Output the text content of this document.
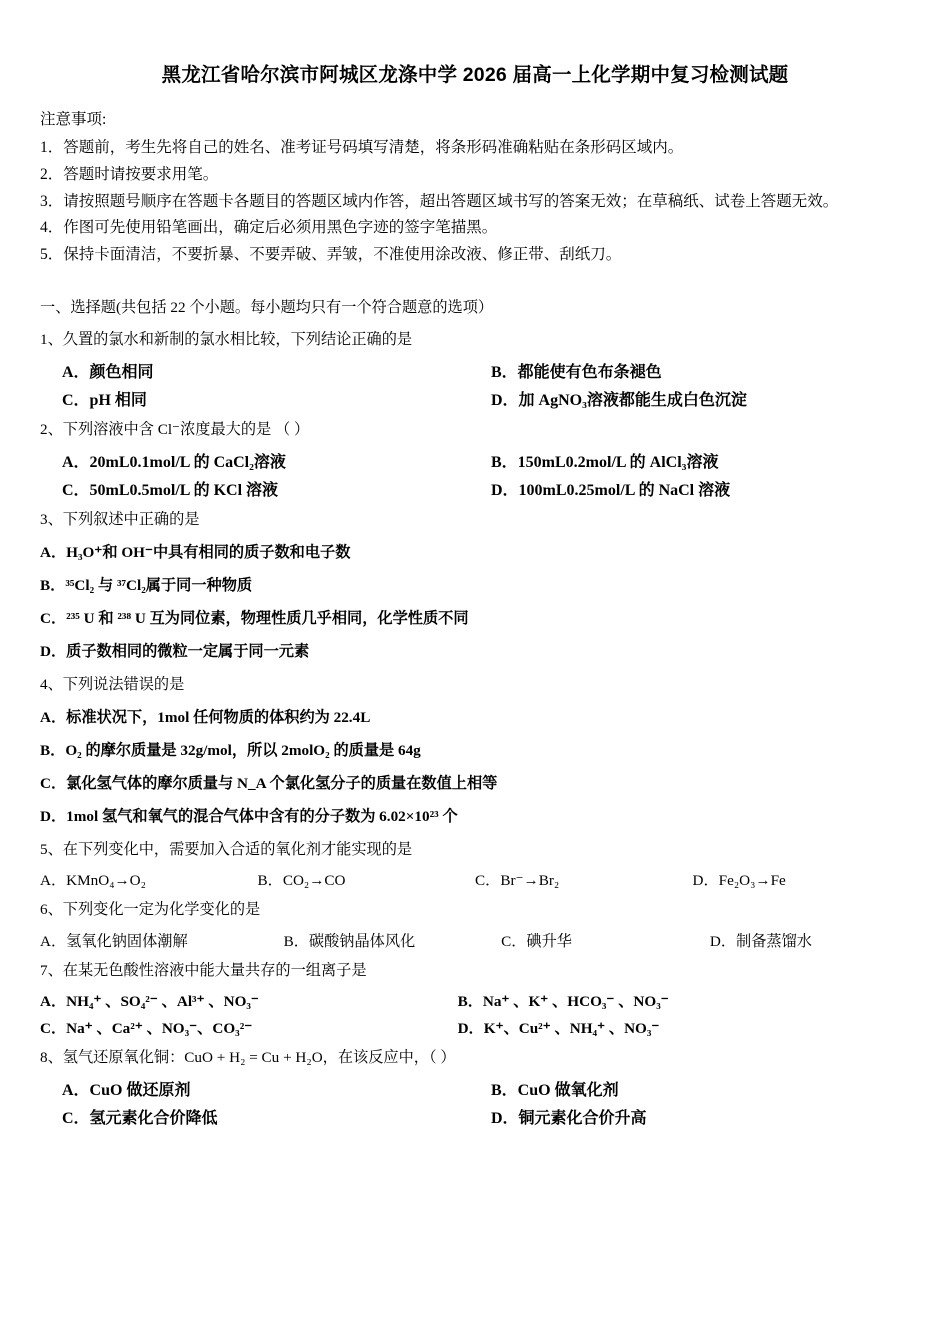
黑龙江省哈尔滨市阿城区龙涤中学 2026 届高一上化学期中复习检测试题
注意事项:
1．答题前，考生先将自己的姓名、准考证号码填写清楚，将条形码准确粘贴在条形码区域内。
2．答题时请按要求用笔。
3．请按照题号顺序在答题卡各题目的答题区域内作答，超出答题区域书写的答案无效；在草稿纸、试卷上答题无效。
4．作图可先使用铅笔画出，确定后必须用黑色字迹的签字笔描黑。
5．保持卡面清洁，不要折暴、不要弄破、弄皱，不准使用涂改液、修正带、刮纸刀。
一、选择题(共包括 22 个小题。每小题均只有一个符合题意的选项）
1、久置的氯水和新制的氯水相比较，下列结论正确的是
A．颜色相同	B．都能使有色布条褪色
C．pH 相同	D．加 AgNO₃溶液都能生成白色沉淀
2、下列溶液中含 Cl⁻浓度最大的是 （ ）
A．20mL0.1mol/L 的 CaCl₂溶液	B．150mL0.2mol/L 的 AlCl₃溶液
C．50mL0.5mol/L 的 KCl 溶液	D．100mL0.25mol/L 的 NaCl 溶液
3、下列叙述中正确的是
A．H₃O⁺和 OH⁻中具有相同的质子数和电子数
B．³⁵Cl₂ 与 ³⁷Cl₂属于同一种物质
C．²³⁵ U 和 ²³⁸ U 互为同位素，物理性质几乎相同，化学性质不同
D．质子数相同的微粒一定属于同一元素
4、下列说法错误的是
A．标准状况下，1mol 任何物质的体积约为 22.4L
B．O₂ 的摩尔质量是 32g/mol，所以 2molO₂ 的质量是 64g
C．氯化氢气体的摩尔质量与 N_A 个氯化氢分子的质量在数值上相等
D．1mol 氢气和氧气的混合气体中含有的分子数为 6.02×10²³ 个
5、在下列变化中，需要加入合适的氧化剂才能实现的是
A．KMnO₄→O₂	B．CO₂→CO	C．Br⁻→Br₂	D．Fe₂O₃→Fe
6、下列变化一定为化学变化的是
A．氢氧化钠固体潮解	B．碳酸钠晶体风化	C．碘升华	D．制备蒸馏水
7、在某无色酸性溶液中能大量共存的一组离子是
A．NH₄⁺ 、SO₄²⁻ 、Al³⁺ 、NO₃⁻	B．Na⁺ 、K⁺ 、HCO₃⁻ 、NO₃⁻
C．Na⁺ 、Ca²⁺ 、NO₃⁻、CO₃²⁻	D．K⁺、Cu²⁺ 、NH₄⁺ 、NO₃⁻
8、氢气还原氧化铜：CuO + H₂ = Cu + H₂O，在该反应中，（ ）
A．CuO 做还原剂	B．CuO 做氧化剂
C．氢元素化合价降低	D．铜元素化合价升高
